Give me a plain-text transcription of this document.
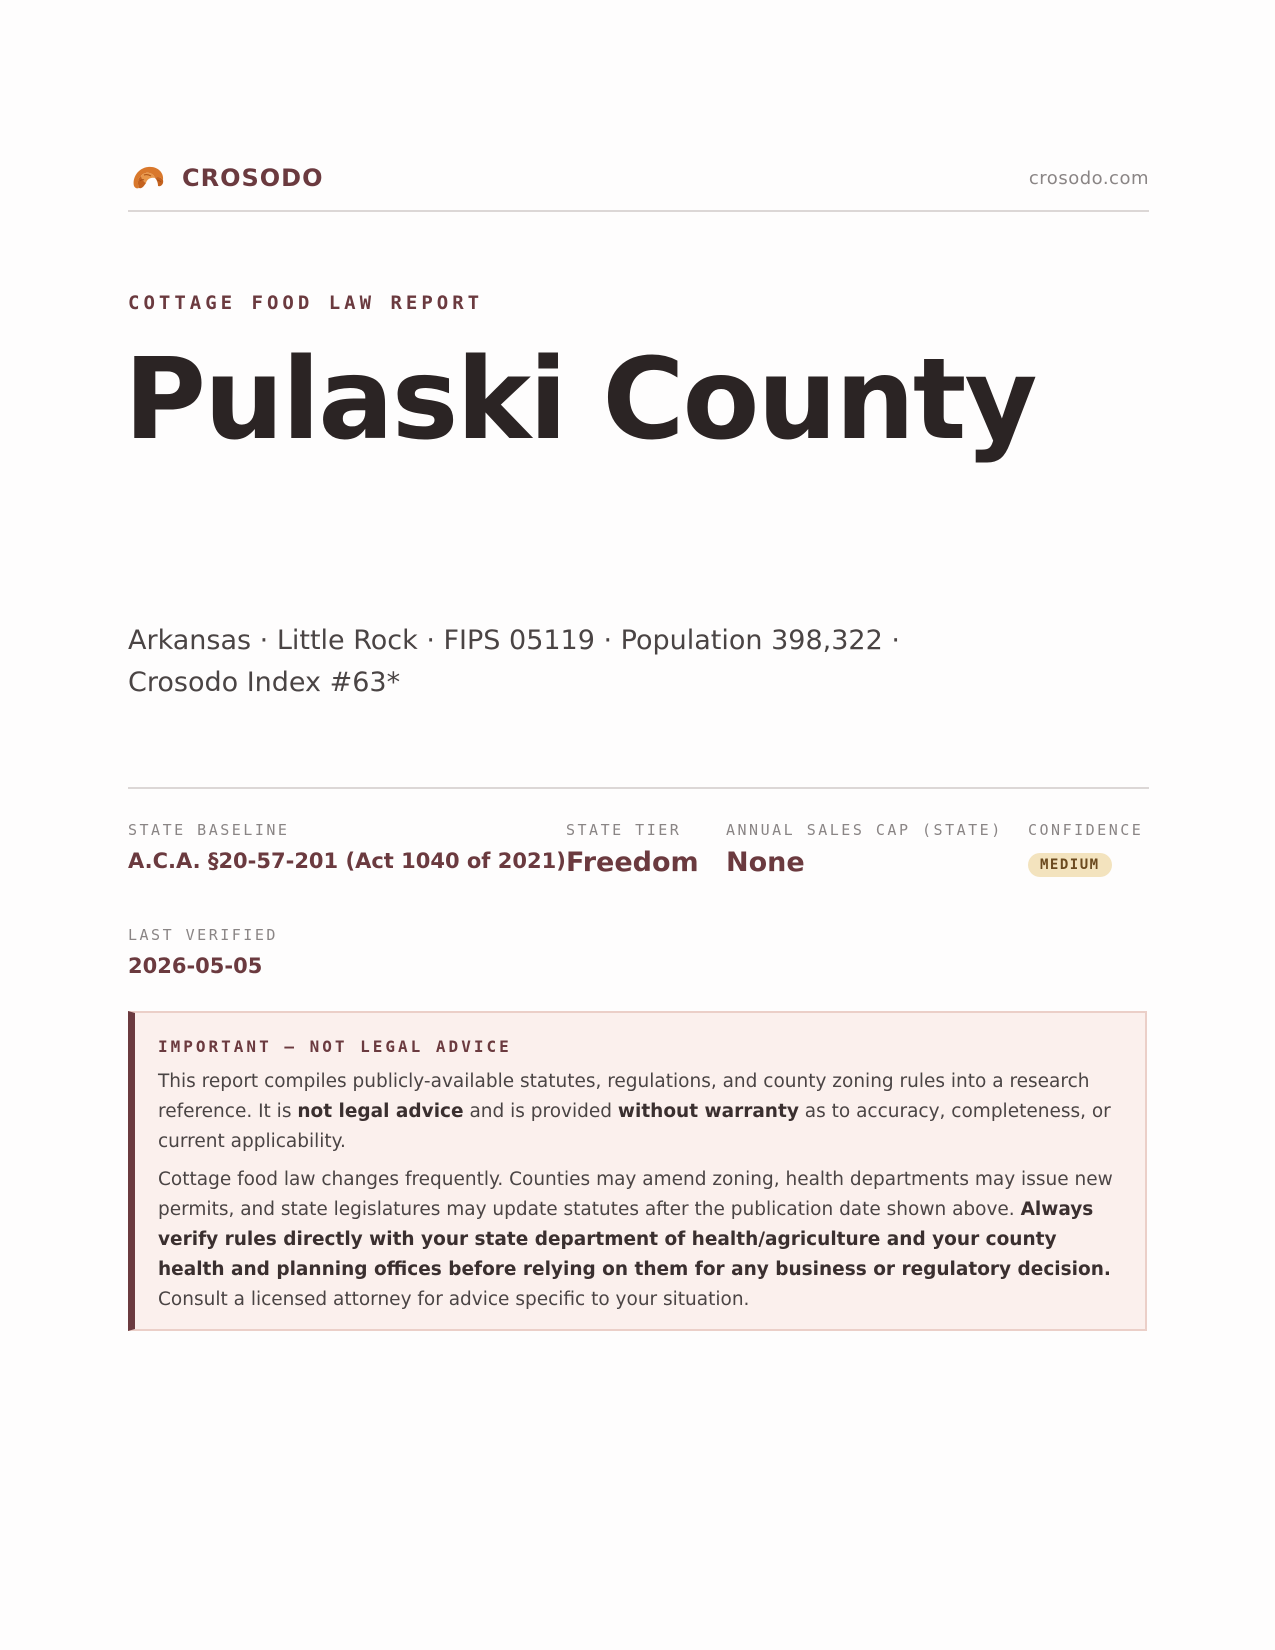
CROSODO	crosodo.com
COTTAGE FOOD LAW REPORT
Pulaski County
Arkansas · Little Rock · FIPS 05119 · Population 398,322 ·
Crosodo Index #63*
STATE BASELINE
A.C.A. §20-57-201 (Act 1040 of 2021)
STATE TIER
Freedom
ANNUAL SALES CAP (STATE)
None
CONFIDENCE
MEDIUM
LAST VERIFIED
2026-05-05
IMPORTANT — NOT LEGAL ADVICE

This report compiles publicly-available statutes, regulations, and county zoning rules into a research reference. It is not legal advice and is provided without warranty as to accuracy, completeness, or current applicability.

Cottage food law changes frequently. Counties may amend zoning, health departments may issue new permits, and state legislatures may update statutes after the publication date shown above. Always verify rules directly with your state department of health/agriculture and your county health and planning offices before relying on them for any business or regulatory decision. Consult a licensed attorney for advice specific to your situation.
